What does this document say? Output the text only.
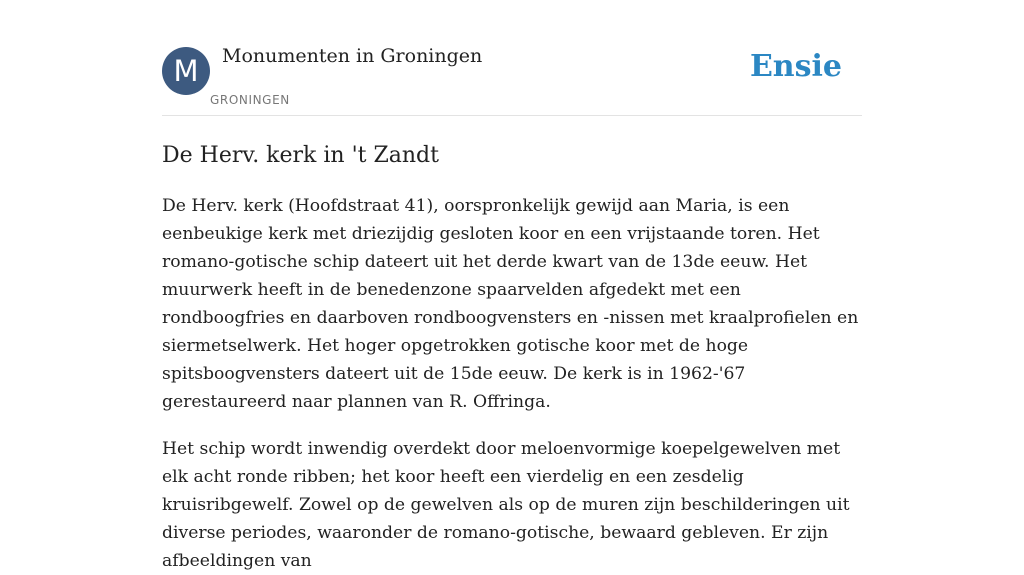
M	Monumenten in Groningen
GRONINGEN
Ensie
De Herv. kerk in 't Zandt

De Herv. kerk (Hoofdstraat 41), oorspronkelijk gewijd aan Maria, is een eenbeukige kerk met driezijdig gesloten koor en een vrijstaande toren. Het romano-gotische schip dateert uit het derde kwart van de 13de eeuw. Het muurwerk heeft in de benedenzone spaarvelden afgedekt met een rondboogfries en daarboven rondboogvensters en -nissen met kraalprofielen en siermetselwerk. Het hoger opgetrokken gotische koor met de hoge spitsboogvensters dateert uit de 15de eeuw. De kerk is in 1962-'67 gerestaureerd naar plannen van R. Offringa.

Het schip wordt inwendig overdekt door meloenvormige koepelgewelven met elk acht ronde ribben; het koor heeft een vierdelig en een zesdelig kruisribgewelf. Zowel op de gewelven als op de muren zijn beschilderingen uit diverse periodes, waaronder de romano-gotische, bewaard gebleven. Er zijn afbeeldingen van
